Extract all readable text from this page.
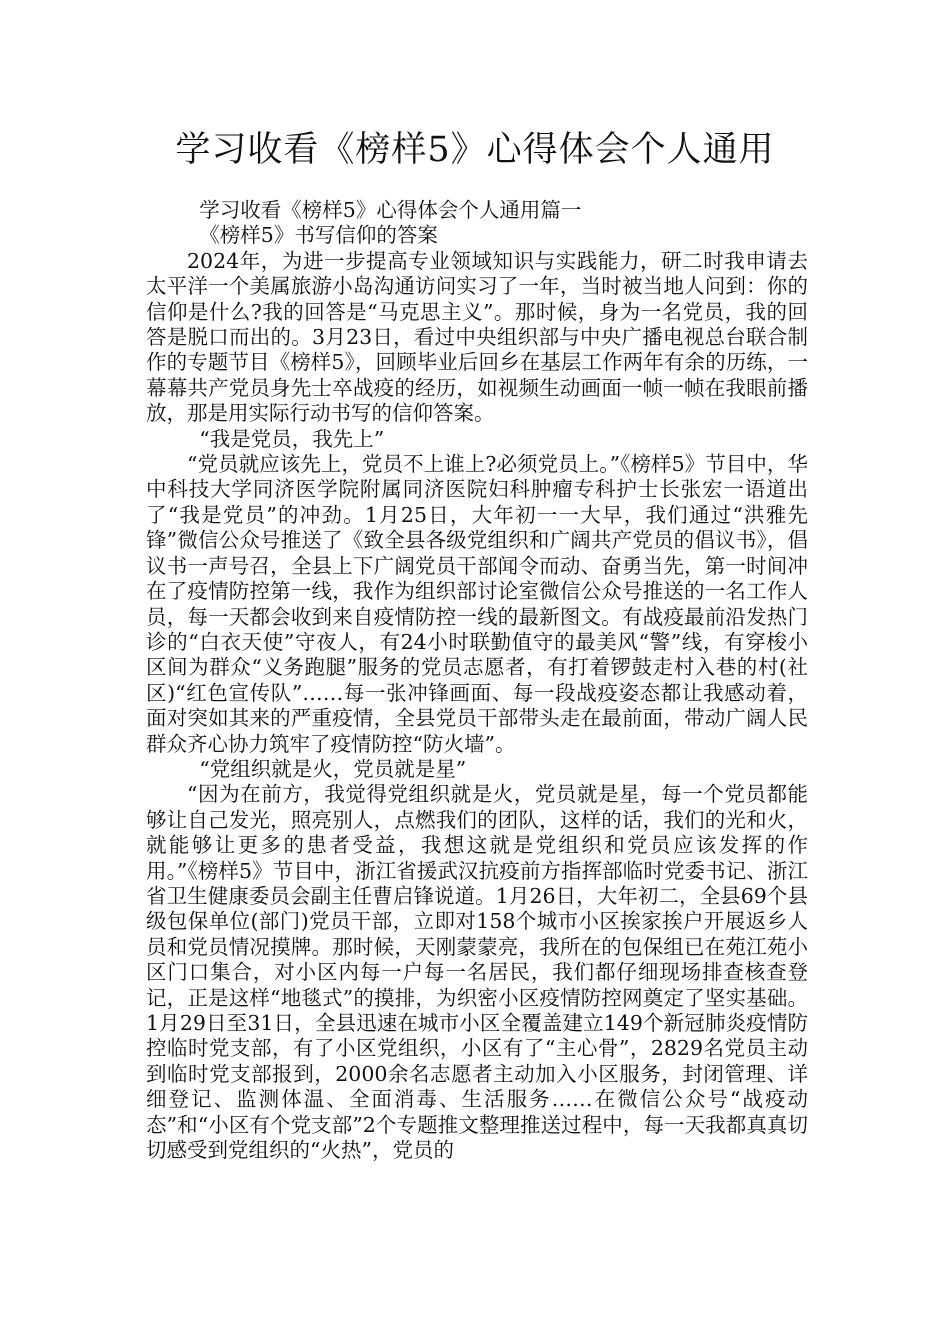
学习收看《榜样5》心得体会个人通用

学习收看《榜样5》心得体会个人通用篇一

《榜样5》书写信仰的答案

2024年，为进一步提高专业领域知识与实践能力，研二时我申请去太平洋一个美属旅游小岛沟通访问实习了一年，当时被当地人问到：你的信仰是什么?我的回答是“马克思主义”。那时候，身为一名党员，我的回答是脱口而出的。3月23日，看过中央组织部与中央广播电视总台联合制作的专题节目《榜样5》，回顾毕业后回乡在基层工作两年有余的历练，一幕幕共产党员身先士卒战疫的经历，如视频生动画面一帧一帧在我眼前播放，那是用实际行动书写的信仰答案。

“我是党员，我先上”

“党员就应该先上，党员不上谁上?必须党员上。”《榜样5》节目中，华中科技大学同济医学院附属同济医院妇科肿瘤专科护士长张宏一语道出了“我是党员”的冲劲。1月25日，大年初一一大早，我们通过“洪雅先锋”微信公众号推送了《致全县各级党组织和广阔共产党员的倡议书》，倡议书一声号召，全县上下广阔党员干部闻令而动、奋勇当先，第一时间冲在了疫情防控第一线，我作为组织部讨论室微信公众号推送的一名工作人员，每一天都会收到来自疫情防控一线的最新图文。有战疫最前沿发热门诊的“白衣天使”守夜人，有24小时联勤值守的最美风“警”线，有穿梭小区间为群众“义务跑腿”服务的党员志愿者，有打着锣鼓走村入巷的村(社区)“红色宣传队”……每一张冲锋画面、每一段战疫姿态都让我感动着，面对突如其来的严重疫情，全县党员干部带头走在最前面，带动广阔人民群众齐心协力筑牢了疫情防控“防火墙”。

“党组织就是火，党员就是星”

“因为在前方，我觉得党组织就是火，党员就是星，每一个党员都能够让自己发光，照亮别人，点燃我们的团队，这样的话，我们的光和火，就能够让更多的患者受益，我想这就是党组织和党员应该发挥的作用。”《榜样5》节目中，浙江省援武汉抗疫前方指挥部临时党委书记、浙江省卫生健康委员会副主任曹启锋说道。1月26日，大年初二，全县69个县级包保单位(部门)党员干部，立即对158个城市小区挨家挨户开展返乡人员和党员情况摸牌。那时候，天刚蒙蒙亮，我所在的包保组已在苑江苑小区门口集合，对小区内每一户每一名居民，我们都仔细现场排查核查登记，正是这样“地毯式”的摸排，为织密小区疫情防控网奠定了坚实基础。1月29日至31日，全县迅速在城市小区全覆盖建立149个新冠肺炎疫情防控临时党支部，有了小区党组织，小区有了“主心骨”，2829名党员主动到临时党支部报到，2000余名志愿者主动加入小区服务，封闭管理、详细登记、监测体温、全面消毒、生活服务……在微信公众号“战疫动态”和“小区有个党支部”2个专题推文整理推送过程中，每一天我都真真切切感受到党组织的“火热”，党员的
